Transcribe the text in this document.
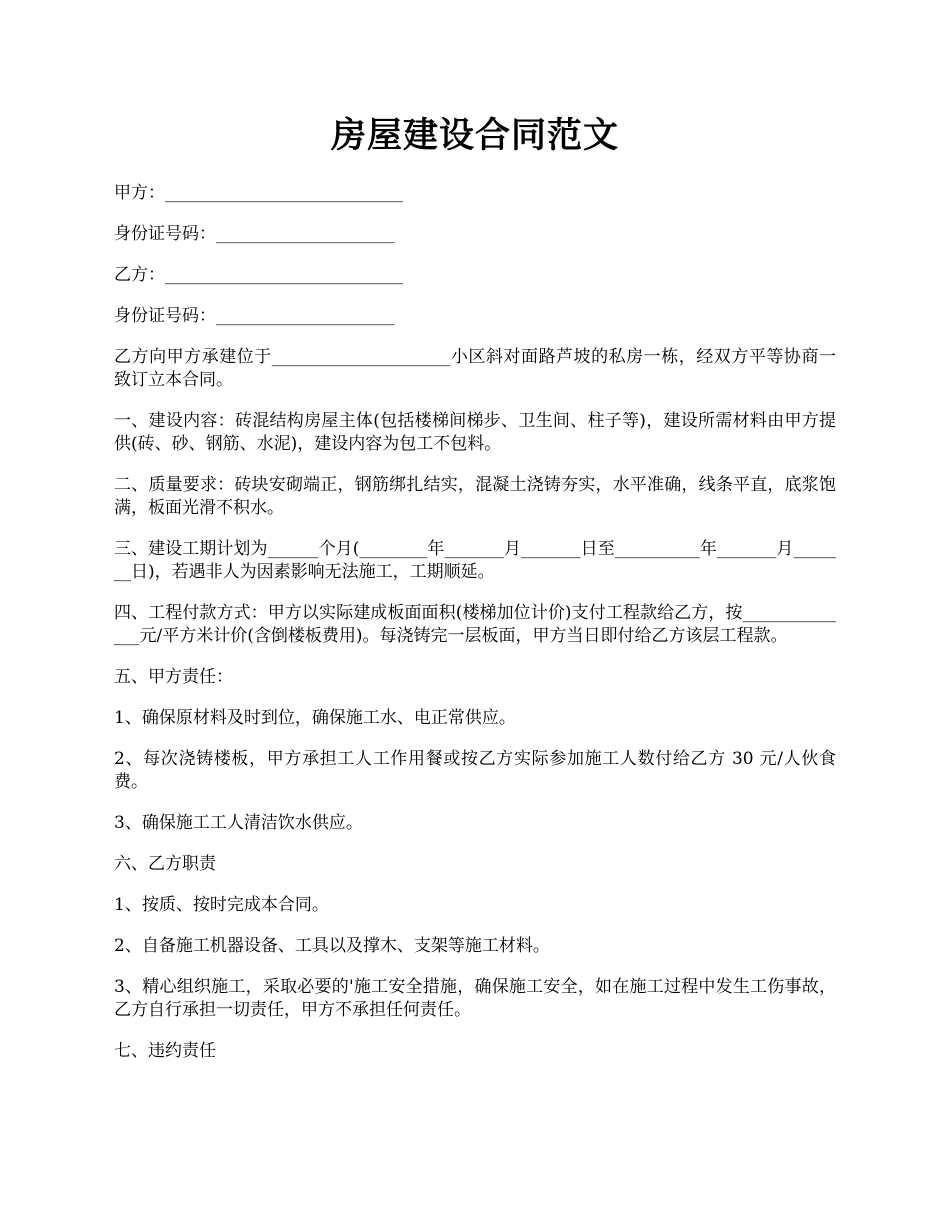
房屋建设合同范文

甲方：____________________________

身份证号码：_____________________

乙方：____________________________

身份证号码：_____________________

乙方向甲方承建位于_____________________小区斜对面路芦坡的私房一栋，经双方平等协商一致订立本合同。

一、建设内容：砖混结构房屋主体(包括楼梯间梯步、卫生间、柱子等)，建设所需材料由甲方提供(砖、砂、钢筋、水泥)，建设内容为包工不包料。

二、质量要求：砖块安砌端正，钢筋绑扎结实，混凝土浇铸夯实，水平准确，线条平直，底浆饱满，板面光滑不积水。

三、建设工期计划为______个月(________年_______月_______日至__________年_______月_______日)，若遇非人为因素影响无法施工，工期顺延。

四、工程付款方式：甲方以实际建成板面面积(楼梯加位计价)支付工程款给乙方，按______________元/平方米计价(含倒楼板费用)。每浇铸完一层板面，甲方当日即付给乙方该层工程款。

五、甲方责任：

1、确保原材料及时到位，确保施工水、电正常供应。

2、每次浇铸楼板，甲方承担工人工作用餐或按乙方实际参加施工人数付给乙方 30 元/人伙食费。

3、确保施工工人清洁饮水供应。

六、乙方职责

1、按质、按时完成本合同。

2、自备施工机器设备、工具以及撑木、支架等施工材料。

3、精心组织施工，采取必要的'施工安全措施，确保施工安全，如在施工过程中发生工伤事故，乙方自行承担一切责任，甲方不承担任何责任。

七、违约责任
